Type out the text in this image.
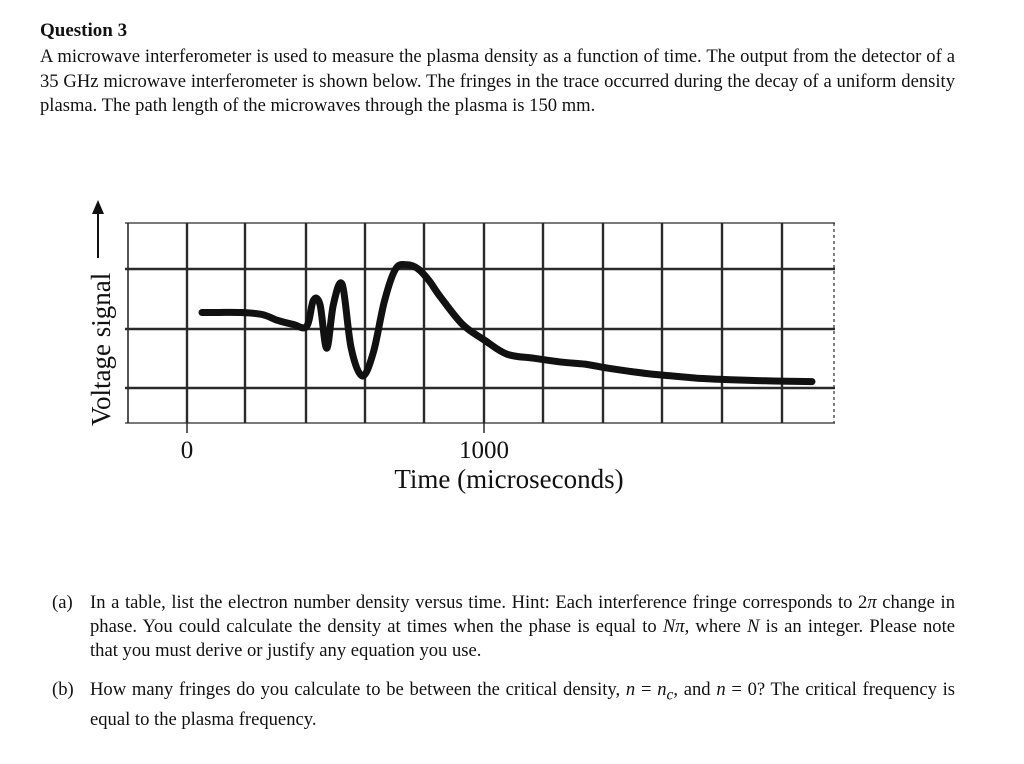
Question 3
A microwave interferometer is used to measure the plasma density as a function of time. The output from the detector of a 35 GHz microwave interferometer is shown below. The fringes in the trace occurred during the decay of a uniform density plasma. The path length of the microwaves through the plasma is 150 mm.
Voltage signal
0	1000
Time (microseconds)
(a) In a table, list the electron number density versus time. Hint: Each interference fringe corresponds to 2π change in phase. You could calculate the density at times when the phase is equal to Nπ, where N is an integer. Please note that you must derive or justify any equation you use.
(b) How many fringes do you calculate to be between the critical density, $n = n_c$, and n = 0? The critical frequency is equal to the plasma frequency.
